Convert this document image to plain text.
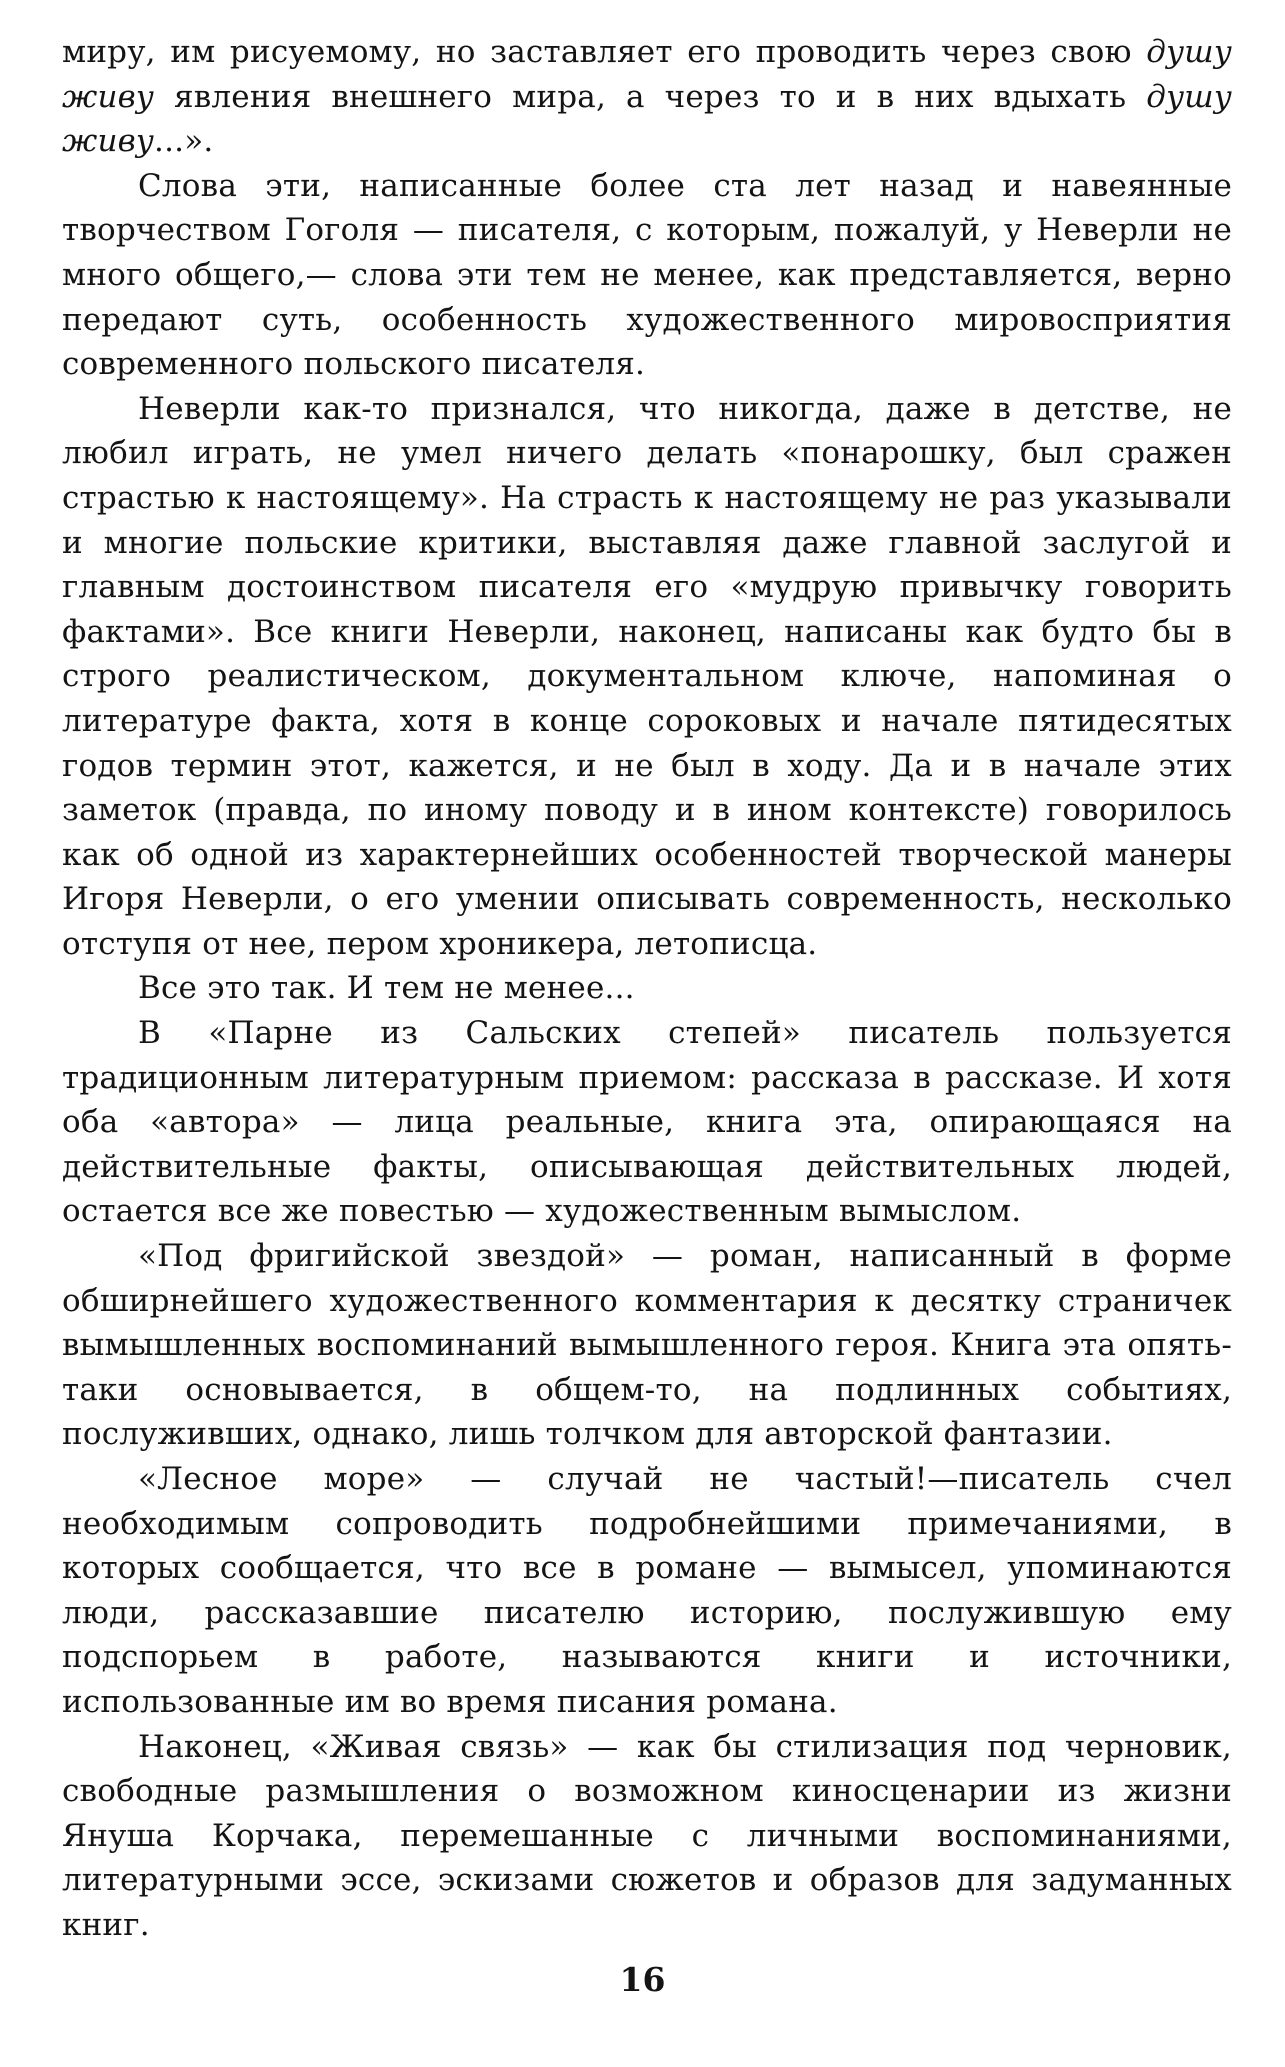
миру, им рисуемому, но заставляет его проводить через свою душу живу явления внешнего мира, а через то и в них вдыхать душу живу...».

Слова эти, написанные более ста лет назад и навеянные творчеством Гоголя — писателя, с которым, пожалуй, у Неверли не много общего,— слова эти тем не менее, как представляется, верно передают суть, особенность художественного мировосприятия современного польского писателя.

Неверли как-то признался, что никогда, даже в детстве, не любил играть, не умел ничего делать «понарошку, был сражен страстью к настоящему». На страсть к настоящему не раз указывали и многие польские критики, выставляя даже главной заслугой и главным достоинством писателя его «мудрую привычку говорить фактами». Все книги Неверли, наконец, написаны как будто бы в строго реалистическом, документальном ключе, напоминая о литературе факта, хотя в конце сороковых и начале пятидесятых годов термин этот, кажется, и не был в ходу. Да и в начале этих заметок (правда, по иному поводу и в ином контексте) говорилось как об одной из характернейших особенностей творческой манеры Игоря Неверли, о его умении описывать современность, несколько отступя от нее, пером хроникера, летописца.

Все это так. И тем не менее...

В «Парне из Сальских степей» писатель пользуется традиционным литературным приемом: рассказа в рассказе. И хотя оба «автора» — лица реальные, книга эта, опирающаяся на действительные факты, описывающая действительных людей, остается все же повестью — художественным вымыслом.

«Под фригийской звездой» — роман, написанный в форме обширнейшего художественного комментария к десятку страничек вымышленных воспоминаний вымышленного героя. Книга эта опять-таки основывается, в общем-то, на подлинных событиях, послуживших, однако, лишь толчком для авторской фантазии.

«Лесное море» — случай не частый!—писатель счел необходимым сопроводить подробнейшими примечаниями, в которых сообщается, что все в романе — вымысел, упоминаются люди, рассказавшие писателю историю, послужившую ему подспорьем в работе, называются книги и источники, использованные им во время писания романа.

Наконец, «Живая связь» — как бы стилизация под черновик, свободные размышления о возможном киносценарии из жизни Януша Корчака, перемешанные с личными воспоминаниями, литературными эссе, эскизами сюжетов и образов для задуманных книг.

16
